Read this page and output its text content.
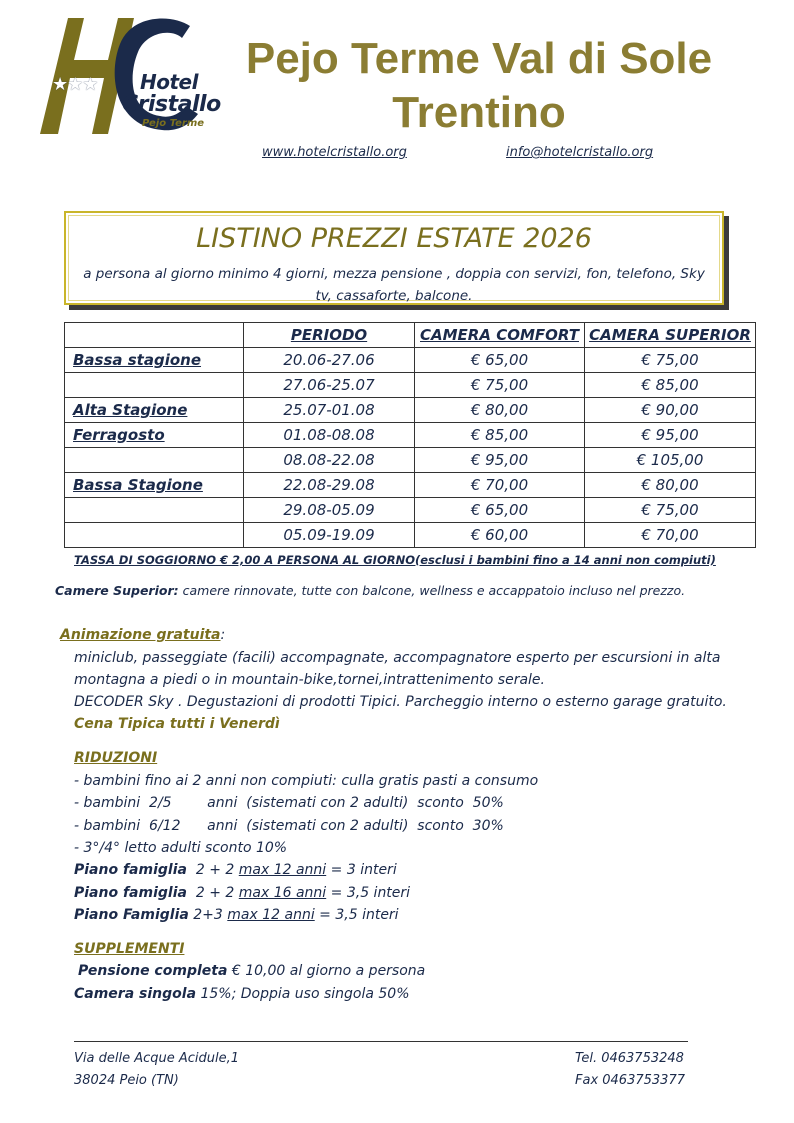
★★★ Hotel
Cristallo
Pejo Terme
Pejo Terme Val di Sole
Trentino
www.hotelcristallo.org	info@hotelcristallo.org
LISTINO PREZZI ESTATE 2026
a persona al giorno minimo 4 giorni, mezza pensione , doppia con servizi, fon, telefono, Sky tv, cassaforte, balcone.
	PERIODO	CAMERA COMFORT	CAMERA SUPERIOR
Bassa stagione	20.06-27.06	€ 65,00	€ 75,00
	27.06-25.07	€ 75,00	€ 85,00
Alta Stagione	25.07-01.08	€ 80,00	€ 90,00
Ferragosto	01.08-08.08	€ 85,00	€ 95,00
	08.08-22.08	€ 95,00	€ 105,00
Bassa Stagione	22.08-29.08	€ 70,00	€ 80,00
	29.08-05.09	€ 65,00	€ 75,00
	05.09-19.09	€ 60,00	€ 70,00
TASSA DI SOGGIORNO € 2,00 A PERSONA AL GIORNO(esclusi i bambini fino a 14 anni non compiuti)
Camere Superior: camere rinnovate, tutte con balcone, wellness e accappatoio incluso nel prezzo.
Animazione gratuita:
miniclub, passeggiate (facili) accompagnate, accompagnatore esperto per escursioni in alta
montagna a piedi o in mountain-bike,tornei,intrattenimento serale.
DECODER Sky . Degustazioni di prodotti Tipici. Parcheggio interno o esterno garage gratuito.
Cena Tipica tutti i Venerdì
RIDUZIONI
- bambini fino ai 2 anni non compiuti: culla gratis pasti a consumo
- bambini  2/5        anni  (sistemati con 2 adulti)  sconto  50%
- bambini  6/12      anni  (sistemati con 2 adulti)  sconto  30%
- 3°/4° letto adulti sconto 10%
Piano famiglia  2 + 2 max 12 anni = 3 interi
Piano famiglia  2 + 2 max 16 anni = 3,5 interi
Piano Famiglia 2+3 max 12 anni = 3,5 interi
SUPPLEMENTI
Pensione completa € 10,00 al giorno a persona
Camera singola 15%; Doppia uso singola 50%
Via delle Acque Acidule,1
38024 Peio (TN)
Tel. 0463753248
Fax 0463753377
